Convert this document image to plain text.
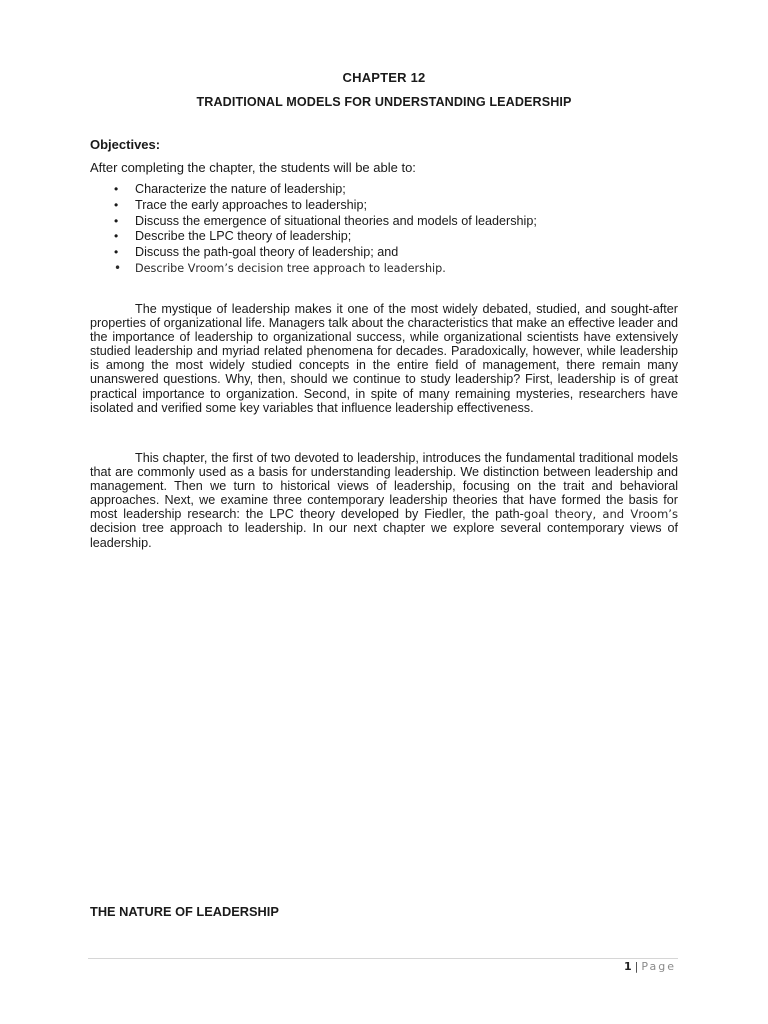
CHAPTER 12
TRADITIONAL MODELS FOR UNDERSTANDING LEADERSHIP
Objectives:
After completing the chapter, the students will be able to:
• Characterize the nature of leadership;
• Trace the early approaches to leadership;
• Discuss the emergence of situational theories and models of leadership;
• Describe the LPC theory of leadership;
• Discuss the path-goal theory of leadership; and
• Describe Vroom’s decision tree approach to leadership.

The mystique of leadership makes it one of the most widely debated, studied, and sought-after properties of organizational life. Managers talk about the characteristics that make an effective leader and the importance of leadership to organizational success, while organizational scientists have extensively studied leadership and myriad related phenomena for decades. Paradoxically, however, while leadership is among the most widely studied concepts in the entire field of management, there remain many unanswered questions. Why, then, should we continue to study leadership? First, leadership is of great practical importance to organization. Second, in spite of many remaining mysteries, researchers have isolated and verified some key variables that influence leadership effectiveness.

This chapter, the first of two devoted to leadership, introduces the fundamental traditional models that are commonly used as a basis for understanding leadership. We distinction between leadership and management. Then we turn to historical views of leadership, focusing on the trait and behavioral approaches. Next, we examine three contemporary leadership theories that have formed the basis for most leadership research: the LPC theory developed by Fiedler, the path-goal theory, and Vroom’s decision tree approach to leadership. In our next chapter we explore several contemporary views of leadership.

THE NATURE OF LEADERSHIP
1 | Page
